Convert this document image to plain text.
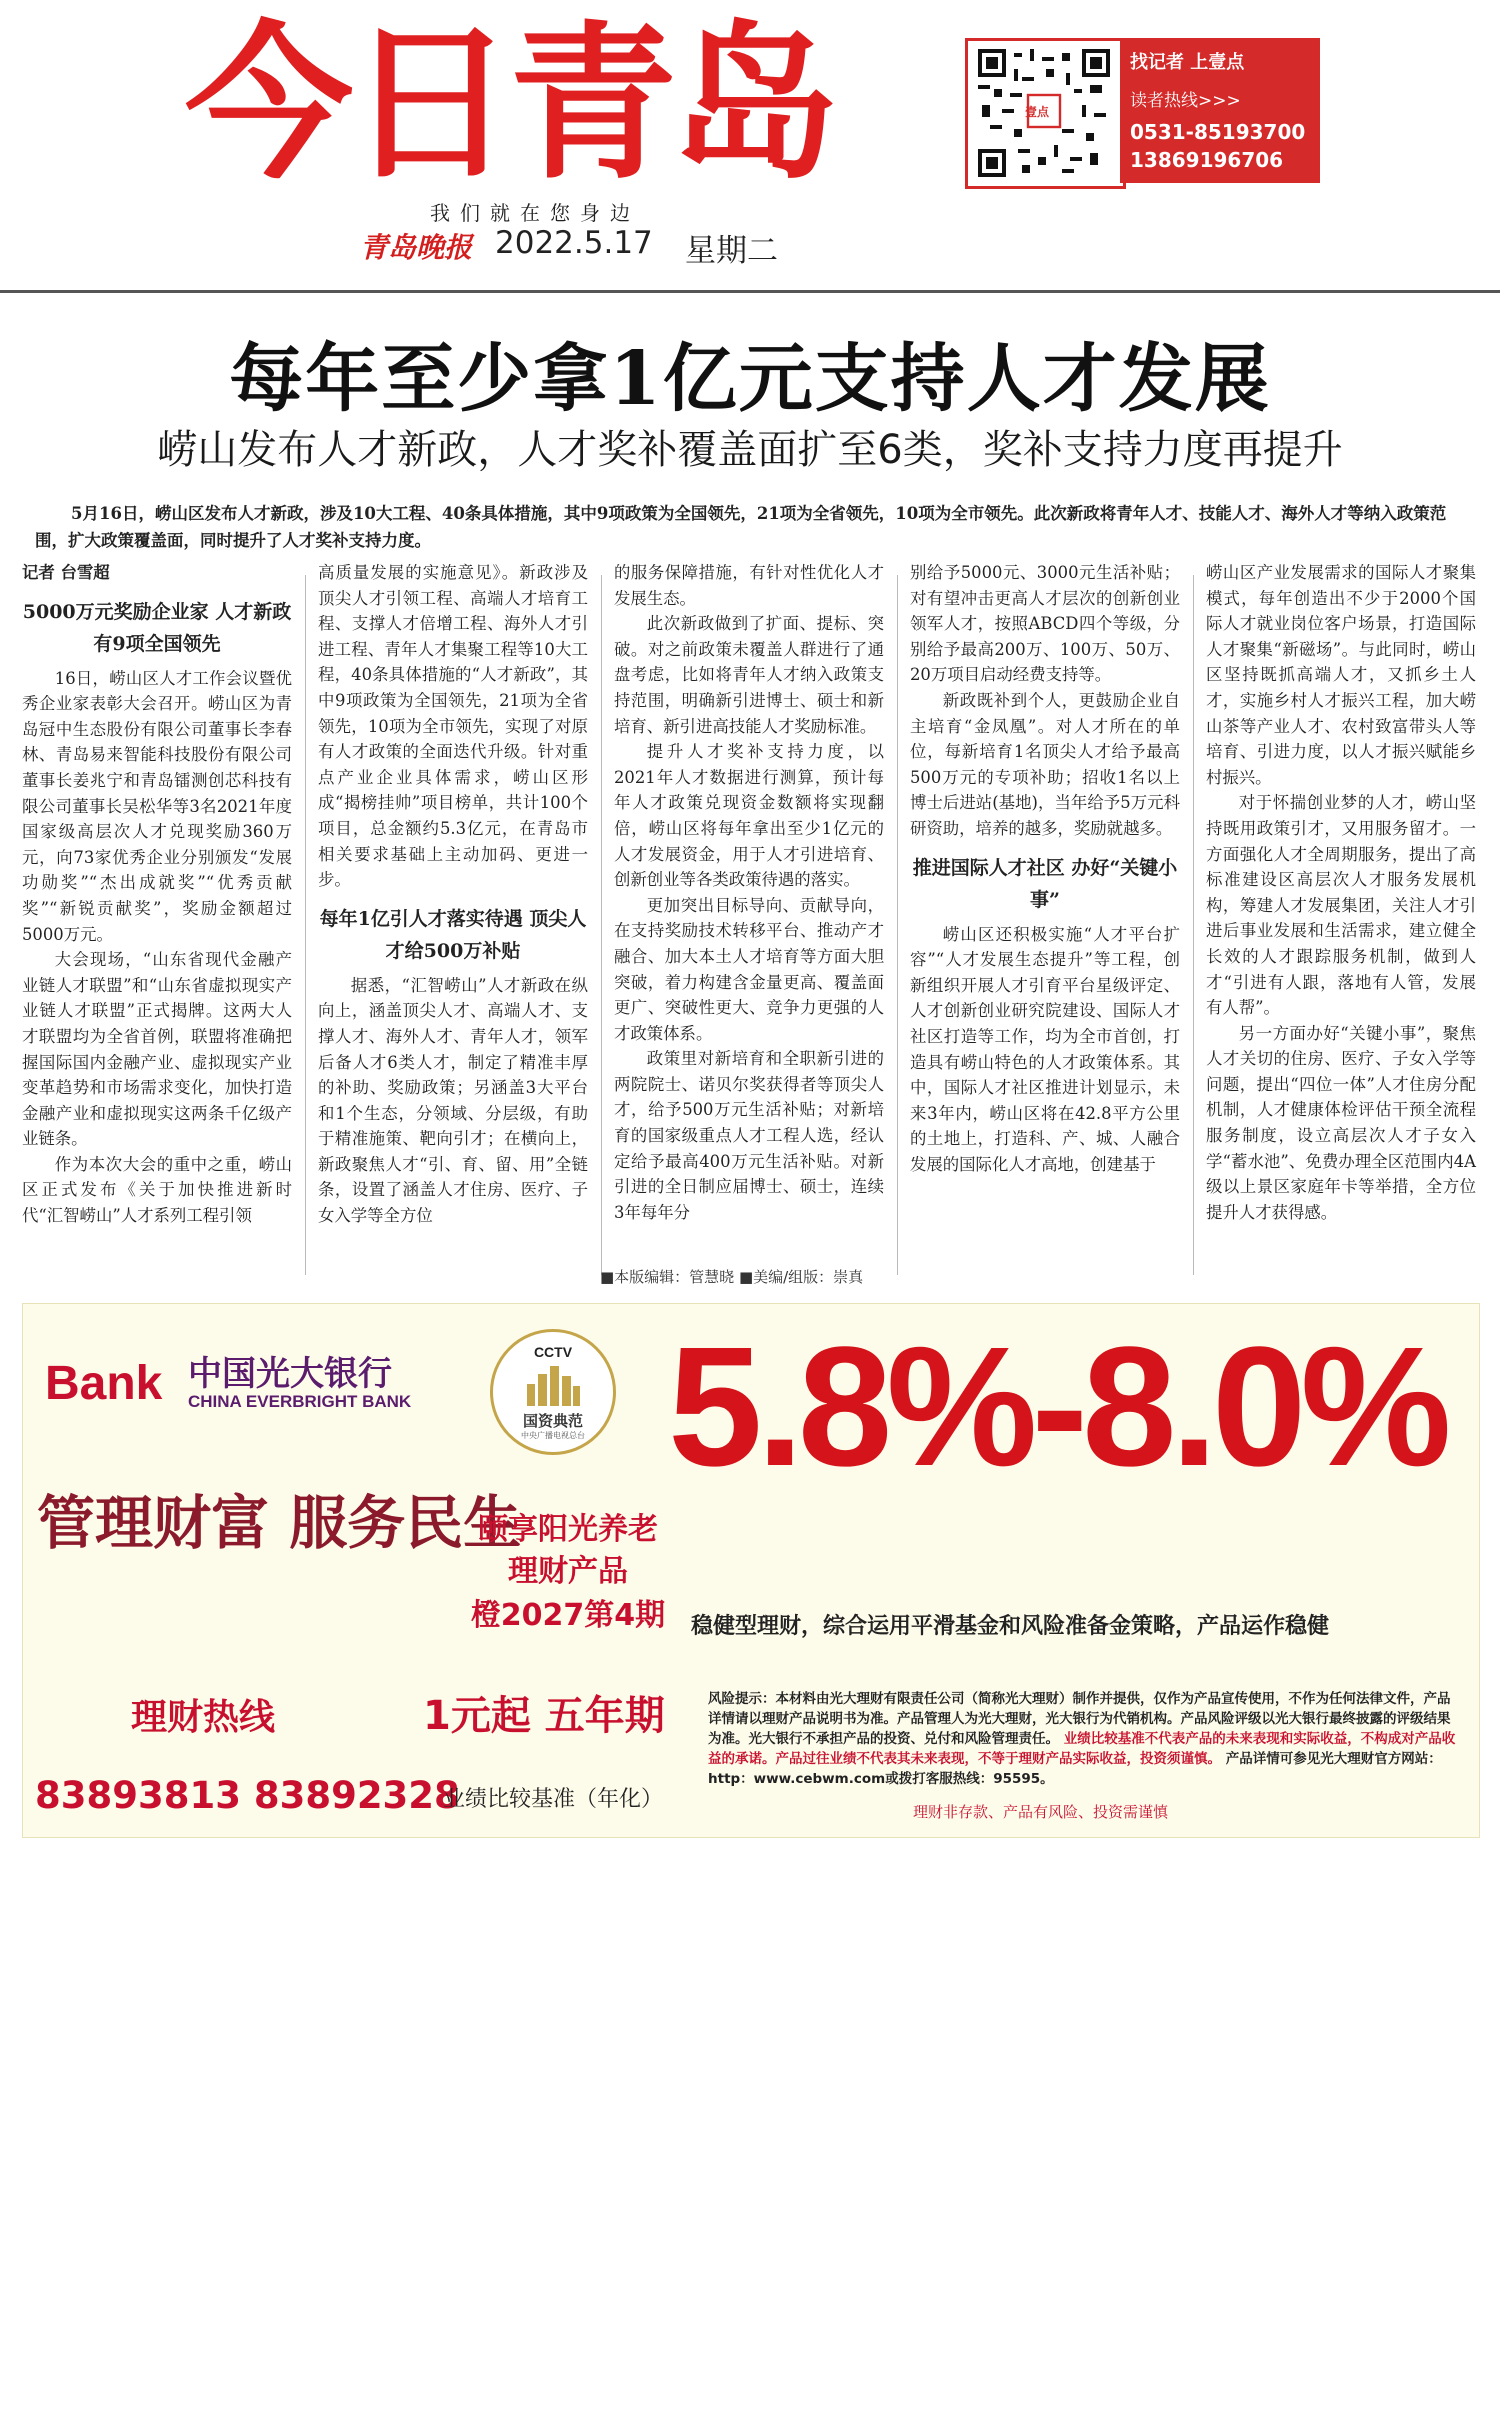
今日青岛
我们就在您身边
青岛晚报 2022.5.17 星期二
壹点
找记者 上壹点
读者热线>>>
0531-85193700
13869196706
每年至少拿1亿元支持人才发展
崂山发布人才新政，人才奖补覆盖面扩至6类，奖补支持力度再提升
5月16日，崂山区发布人才新政，涉及10大工程、40条具体措施，其中9项政策为全国领先，21项为全省领先，10项为全市领先。此次新政将青年人才、技能人才、海外人才等纳入政策范围，扩大政策覆盖面，同时提升了人才奖补支持力度。

记者 台雪超

5000万元奖励企业家 人才新政有9项全国领先

16日，崂山区人才工作会议暨优秀企业家表彰大会召开。崂山区为青岛冠中生态股份有限公司董事长李春林、青岛易来智能科技股份有限公司董事长姜兆宁和青岛镭测创芯科技有限公司董事长吴松华等3名2021年度国家级高层次人才兑现奖励360万元，向73家优秀企业分别颁发“发展功勋奖”“杰出成就奖”“优秀贡献奖”“新锐贡献奖”，奖励金额超过5000万元。

大会现场，“山东省现代金融产业链人才联盟”和“山东省虚拟现实产业链人才联盟”正式揭牌。这两大人才联盟均为全省首例，联盟将准确把握国际国内金融产业、虚拟现实产业变革趋势和市场需求变化，加快打造金融产业和虚拟现实这两条千亿级产业链条。

作为本次大会的重中之重，崂山区正式发布《关于加快推进新时代“汇智崂山”人才系列工程引领

高质量发展的实施意见》。新政涉及顶尖人才引领工程、高端人才培育工程、支撑人才倍增工程、海外人才引进工程、青年人才集聚工程等10大工程，40条具体措施的“人才新政”，其中9项政策为全国领先，21项为全省领先，10项为全市领先，实现了对原有人才政策的全面迭代升级。针对重点产业企业具体需求，崂山区形成“揭榜挂帅”项目榜单，共计100个项目，总金额约5.3亿元，在青岛市相关要求基础上主动加码、更进一步。

每年1亿引人才落实待遇 顶尖人才给500万补贴

据悉，“汇智崂山”人才新政在纵向上，涵盖顶尖人才、高端人才、支撑人才、海外人才、青年人才，领军后备人才6类人才，制定了精准丰厚的补助、奖励政策；另涵盖3大平台和1个生态，分领域、分层级，有助于精准施策、靶向引才；在横向上，新政聚焦人才“引、育、留、用”全链条，设置了涵盖人才住房、医疗、子女入学等全方位

的服务保障措施，有针对性优化人才发展生态。

此次新政做到了扩面、提标、突破。对之前政策未覆盖人群进行了通盘考虑，比如将青年人才纳入政策支持范围，明确新引进博士、硕士和新培育、新引进高技能人才奖励标准。

提升人才奖补支持力度，以2021年人才数据进行测算，预计每年人才政策兑现资金数额将实现翻倍，崂山区将每年拿出至少1亿元的人才发展资金，用于人才引进培育、创新创业等各类政策待遇的落实。

更加突出目标导向、贡献导向，在支持奖励技术转移平台、推动产才融合、加大本土人才培育等方面大胆突破，着力构建含金量更高、覆盖面更广、突破性更大、竞争力更强的人才政策体系。

政策里对新培育和全职新引进的两院院士、诺贝尔奖获得者等顶尖人才，给予500万元生活补贴；对新培育的国家级重点人才工程人选，经认定给予最高400万元生活补贴。对新引进的全日制应届博士、硕士，连续3年每年分

别给予5000元、3000元生活补贴；对有望冲击更高人才层次的创新创业领军人才，按照ABCD四个等级，分别给予最高200万、100万、50万、20万项目启动经费支持等。

新政既补到个人，更鼓励企业自主培育“金凤凰”。对人才所在的单位，每新培育1名顶尖人才给予最高500万元的专项补助；招收1名以上博士后进站(基地)，当年给予5万元科研资助，培养的越多，奖励就越多。

推进国际人才社区 办好“关键小事”

崂山区还积极实施“人才平台扩容”“人才发展生态提升”等工程，创新组织开展人才引育平台星级评定、人才创新创业研究院建设、国际人才社区打造等工作，均为全市首创，打造具有崂山特色的人才政策体系。其中，国际人才社区推进计划显示，未来3年内，崂山区将在42.8平方公里的土地上，打造科、产、城、人融合发展的国际化人才高地，创建基于

崂山区产业发展需求的国际人才聚集模式，每年创造出不少于2000个国际人才就业岗位客户场景，打造国际人才聚集“新磁场”。与此同时，崂山区坚持既抓高端人才，又抓乡土人才，实施乡村人才振兴工程，加大崂山茶等产业人才、农村致富带头人等培育、引进力度，以人才振兴赋能乡村振兴。

对于怀揣创业梦的人才，崂山坚持既用政策引才，又用服务留才。一方面强化人才全周期服务，提出了高标准建设区高层次人才服务发展机构，筹建人才发展集团，关注人才引进后事业发展和生活需求，建立健全长效的人才跟踪服务机制，做到人才“引进有人跟，落地有人管，发展有人帮”。

另一方面办好“关键小事”，聚焦人才关切的住房、医疗、子女入学等问题，提出“四位一体”人才住房分配机制，人才健康体检评估干预全流程服务制度，设立高层次人才子女入学“蓄水池”、免费办理全区范围内4A级以上景区家庭年卡等举措，全方位提升人才获得感。

■本版编辑：管慧晓 ■美编/组版：崇真
Bank 中国光大银行
CHINA EVERBRIGHT BANK
CCTV
国资典范
中央广播电视总台 5.8%-8.0%
管理财富 服务民生
颐享阳光养老
理财产品
橙2027第4期	稳健型理财，综合运用平滑基金和风险准备金策略，产品运作稳健
理财热线
83893813 83892328
1元起 五年期
业绩比较基准（年化）
风险提示：本材料由光大理财有限责任公司（简称光大理财）制作并提供，仅作为产品宣传使用，不作为任何法律文件，产品详情请以理财产品说明书为准。产品管理人为光大理财，光大银行为代销机构。产品风险评级以光大银行最终披露的评级结果为准。光大银行不承担产品的投资、兑付和风险管理责任。 业绩比较基准不代表产品的未来表现和实际收益，不构成对产品收益的承诺。产品过往业绩不代表其未来表现，不等于理财产品实际收益，投资须谨慎。 产品详情可参见光大理财官方网站：http：www.cebwm.com或拨打客服热线：95595。
理财非存款、产品有风险、投资需谨慎
